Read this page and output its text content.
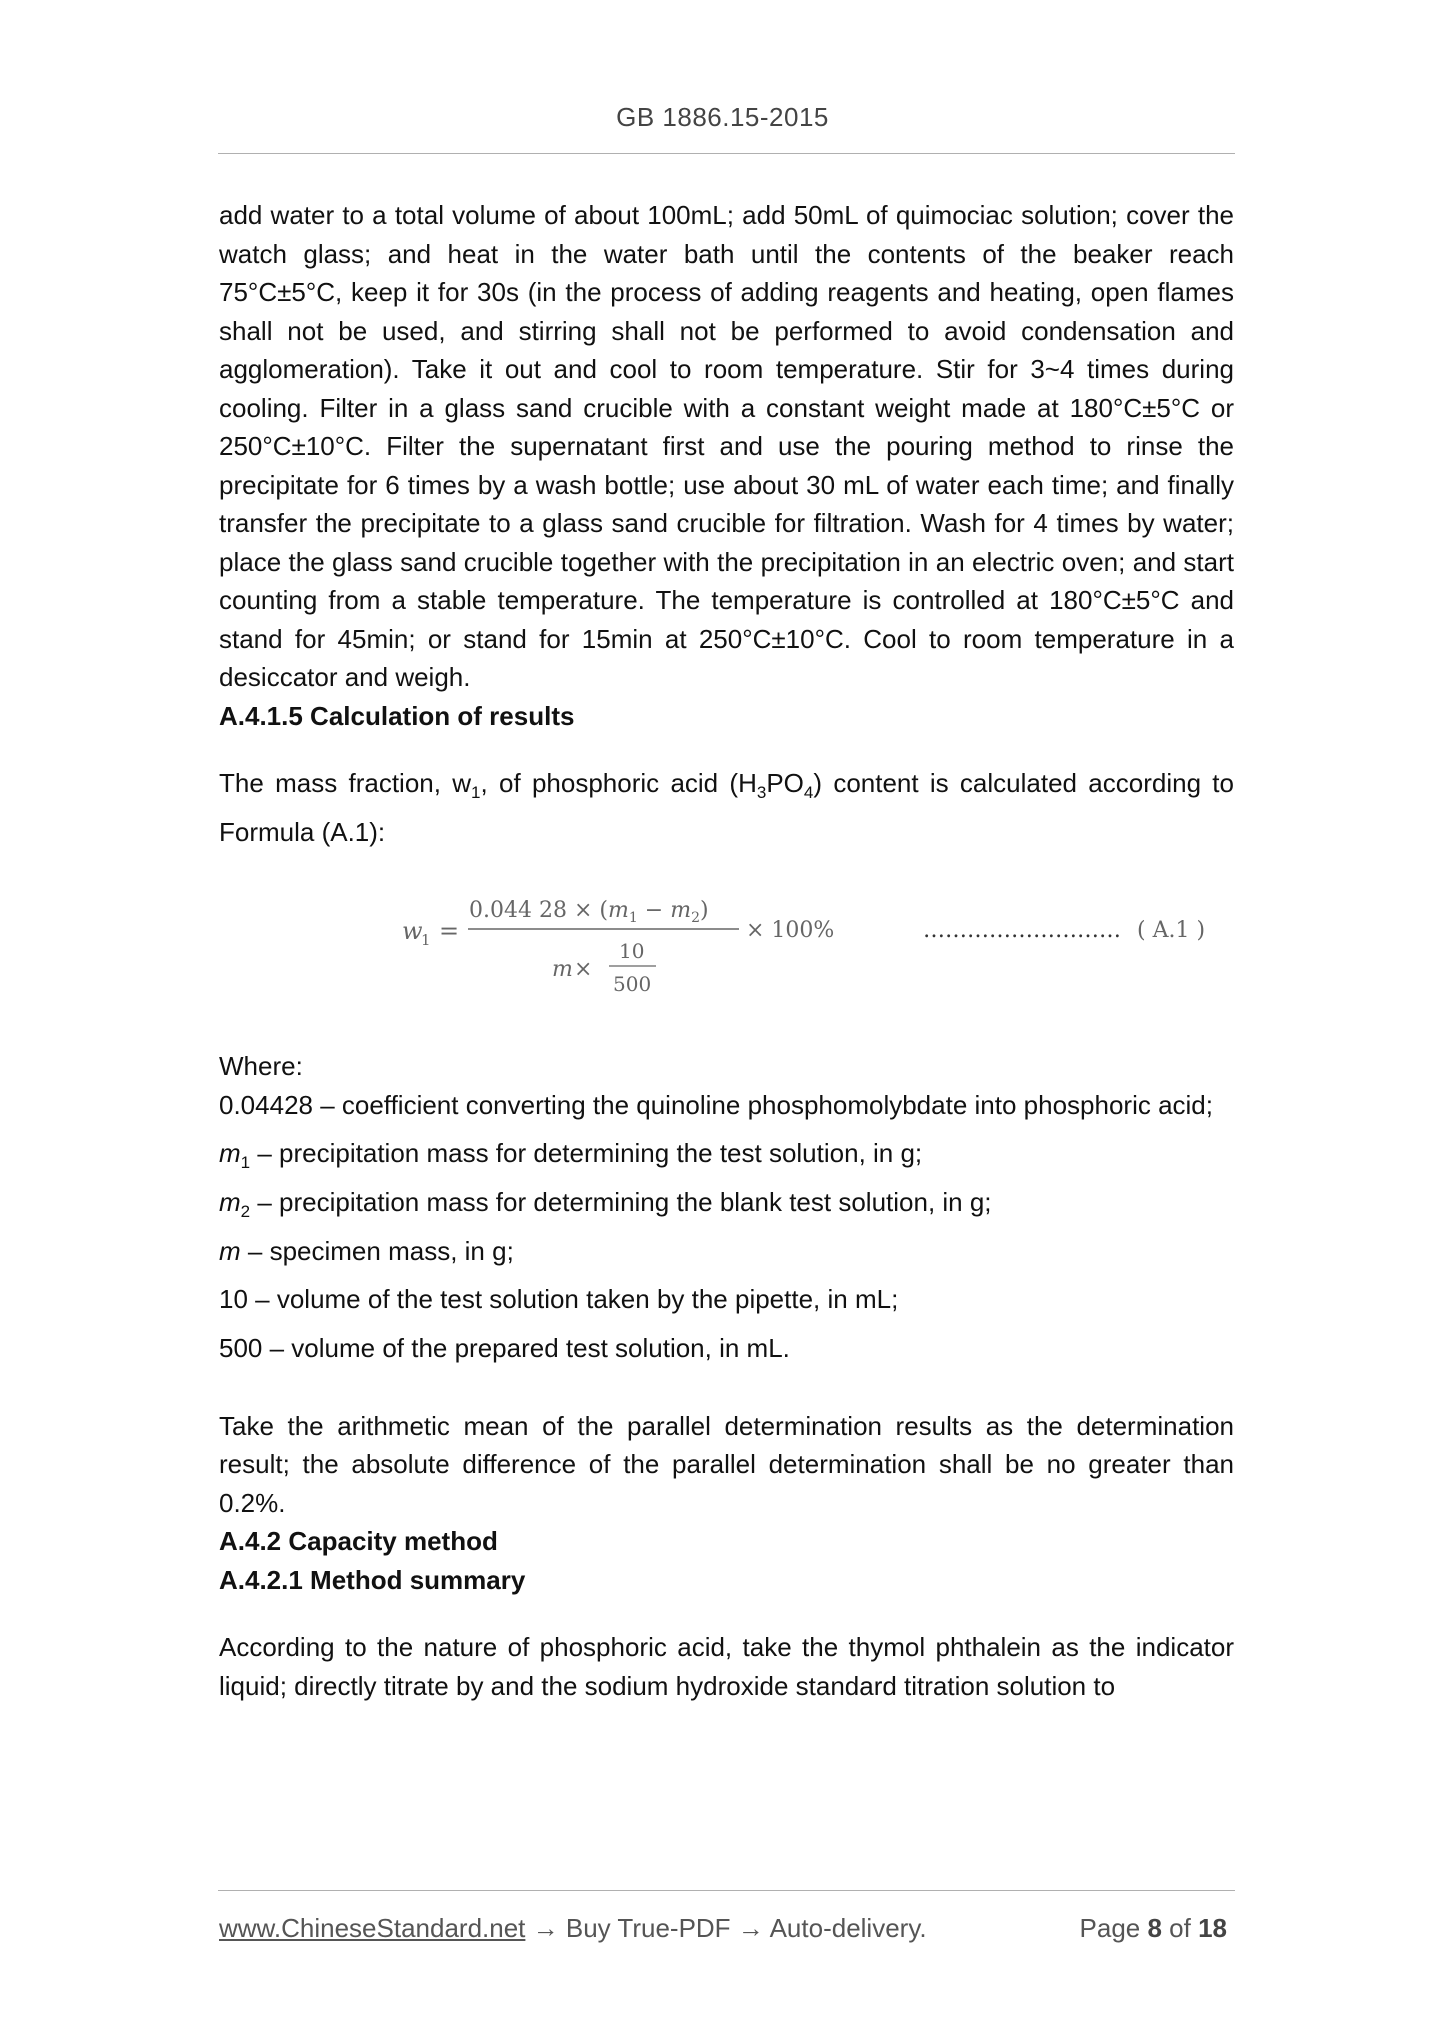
GB 1886.15-2015

add water to a total volume of about 100mL; add 50mL of quimociac solution; cover the watch glass; and heat in the water bath until the contents of the beaker reach 75°C±5°C, keep it for 30s (in the process of adding reagents and heating, open flames shall not be used, and stirring shall not be performed to avoid condensation and agglomeration). Take it out and cool to room temperature. Stir for 3~4 times during cooling. Filter in a glass sand crucible with a constant weight made at 180°C±5°C or 250°C±10°C. Filter the supernatant first and use the pouring method to rinse the precipitate for 6 times by a wash bottle; use about 30 mL of water each time; and finally transfer the precipitate to a glass sand crucible for filtration. Wash for 4 times by water; place the glass sand crucible together with the precipitation in an electric oven; and start counting from a stable temperature. The temperature is controlled at 180°C±5°C and stand for 45min; or stand for 15min at 250°C±10°C. Cool to room temperature in a desiccator and weigh.

A.4.1.5 Calculation of results

The mass fraction, $w_1$, of phosphoric acid $(H_3PO_4)$ content is calculated according to Formula (A.1):

w
1 =
0.044 $28 \times (m_1 - m_2)$
m ×
10
500
× 100%	……………………… ( A.1 )

Where:

0.04428 – coefficient converting the quinoline phosphomolybdate into phosphoric acid;

$m_1$ – precipitation mass for determining the test solution, in g;

$m_2$ – precipitation mass for determining the blank test solution, in g;

m – specimen mass, in g;

10 – volume of the test solution taken by the pipette, in mL;

500 – volume of the prepared test solution, in mL.

Take the arithmetic mean of the parallel determination results as the determination result; the absolute difference of the parallel determination shall be no greater than 0.2%.

A.4.2 Capacity method

A.4.2.1 Method summary

According to the nature of phosphoric acid, take the thymol phthalein as the indicator liquid; directly titrate by and the sodium hydroxide standard titration solution to

www.ChineseStandard.net → Buy True-PDF → Auto-delivery.	Page 8 of 18
